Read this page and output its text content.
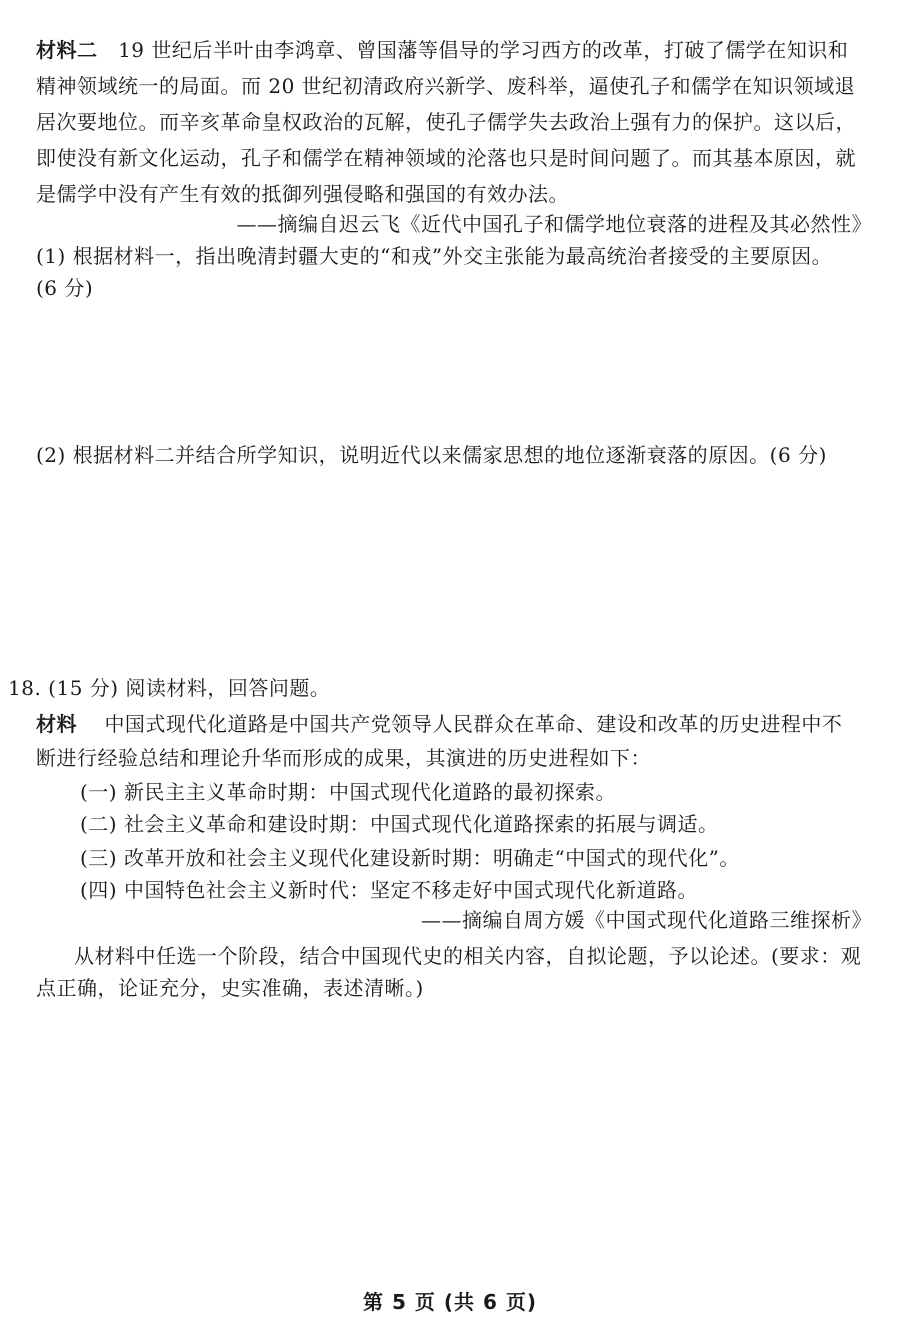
材料二 19 世纪后半叶由李鸿章、曾国藩等倡导的学习西方的改革，打破了儒学在知识和
精神领域统一的局面。而 20 世纪初清政府兴新学、废科举，逼使孔子和儒学在知识领域退
居次要地位。而辛亥革命皇权政治的瓦解，使孔子儒学失去政治上强有力的保护。这以后，
即使没有新文化运动，孔子和儒学在精神领域的沦落也只是时间问题了。而其基本原因，就
是儒学中没有产生有效的抵御列强侵略和强国的有效办法。
——摘编自迟云飞《近代中国孔子和儒学地位衰落的进程及其必然性》
(1) 根据材料一，指出晚清封疆大吏的“和戎”外交主张能为最高统治者接受的主要原因。
(6 分)
(2) 根据材料二并结合所学知识，说明近代以来儒家思想的地位逐渐衰落的原因。(6 分)
18. (15 分) 阅读材料，回答问题。
材料 中国式现代化道路是中国共产党领导人民群众在革命、建设和改革的历史进程中不
断进行经验总结和理论升华而形成的成果，其演进的历史进程如下：
(一) 新民主主义革命时期：中国式现代化道路的最初探索。
(二) 社会主义革命和建设时期：中国式现代化道路探索的拓展与调适。
(三) 改革开放和社会主义现代化建设新时期：明确走“中国式的现代化”。
(四) 中国特色社会主义新时代：坚定不移走好中国式现代化新道路。
——摘编自周方媛《中国式现代化道路三维探析》
从材料中任选一个阶段，结合中国现代史的相关内容，自拟论题，予以论述。(要求：观
点正确，论证充分，史实准确，表述清晰。)
第 5 页 (共 6 页)
